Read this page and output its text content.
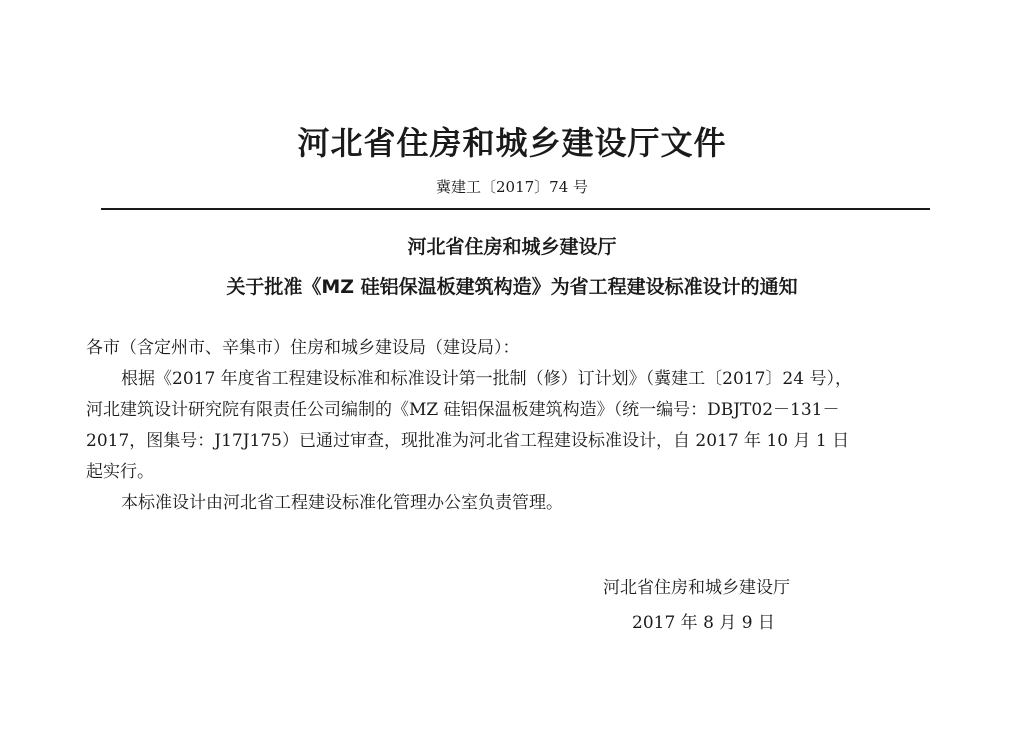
河北省住房和城乡建设厅文件
冀建工〔2017〕74 号
河北省住房和城乡建设厅
关于批准《MZ 硅铝保温板建筑构造》为省工程建设标准设计的通知
各市（含定州市、辛集市）住房和城乡建设局（建设局）：
根据《2017 年度省工程建设标准和标准设计第一批制（修）订计划》（冀建工〔2017〕24 号），
河北建筑设计研究院有限责任公司编制的《MZ 硅铝保温板建筑构造》（统一编号：DBJT02－131－
2017，图集号：J17J175）已通过审查，现批准为河北省工程建设标准设计，自 2017 年 10 月 1 日
起实行。
本标准设计由河北省工程建设标准化管理办公室负责管理。
河北省住房和城乡建设厅
2017 年 8 月 9 日
